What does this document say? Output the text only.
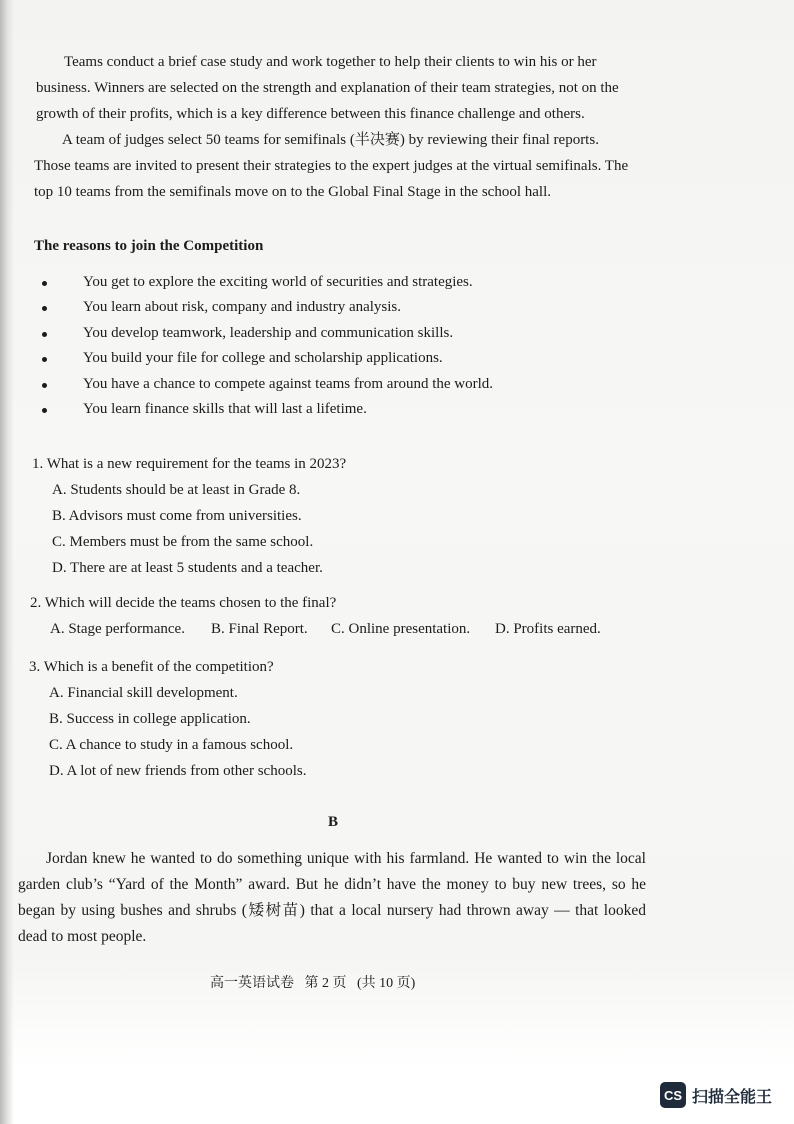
Teams conduct a brief case study and work together to help their clients to win his or her business. Winners are selected on the strength and explanation of their team strategies, not on the growth of their profits, which is a key difference between this finance challenge and others.

A team of judges select 50 teams for semifinals (半决赛) by reviewing their final reports. Those teams are invited to present their strategies to the expert judges at the virtual semifinals. The top 10 teams from the semifinals move on to the Global Final Stage in the school hall.

The reasons to join the Competition
You get to explore the exciting world of securities and strategies.
You learn about risk, company and industry analysis.
You develop teamwork, leadership and communication skills.
You build your file for college and scholarship applications.
You have a chance to compete against teams from around the world.
You learn finance skills that will last a lifetime.
1. What is a new requirement for the teams in 2023?
A. Students should be at least in Grade 8.
B. Advisors must come from universities.
C. Members must be from the same school.
D. There are at least 5 students and a teacher.
2. Which will decide the teams chosen to the final?
A. Stage performance.	B. Final Report.	C. Online presentation.	D. Profits earned.
3. Which is a benefit of the competition?
A. Financial skill development.
B. Success in college application.
C. A chance to study in a famous school.
D. A lot of new friends from other schools.
B

Jordan knew he wanted to do something unique with his farmland. He wanted to win the local garden club’s “Yard of the Month” award. But he didn’t have the money to buy new trees, so he began by using bushes and shrubs (矮树苗) that a local nursery had thrown away — that looked dead to most people.

高一英语试卷   第 2 页   (共 10 页)
CS 扫描全能王
